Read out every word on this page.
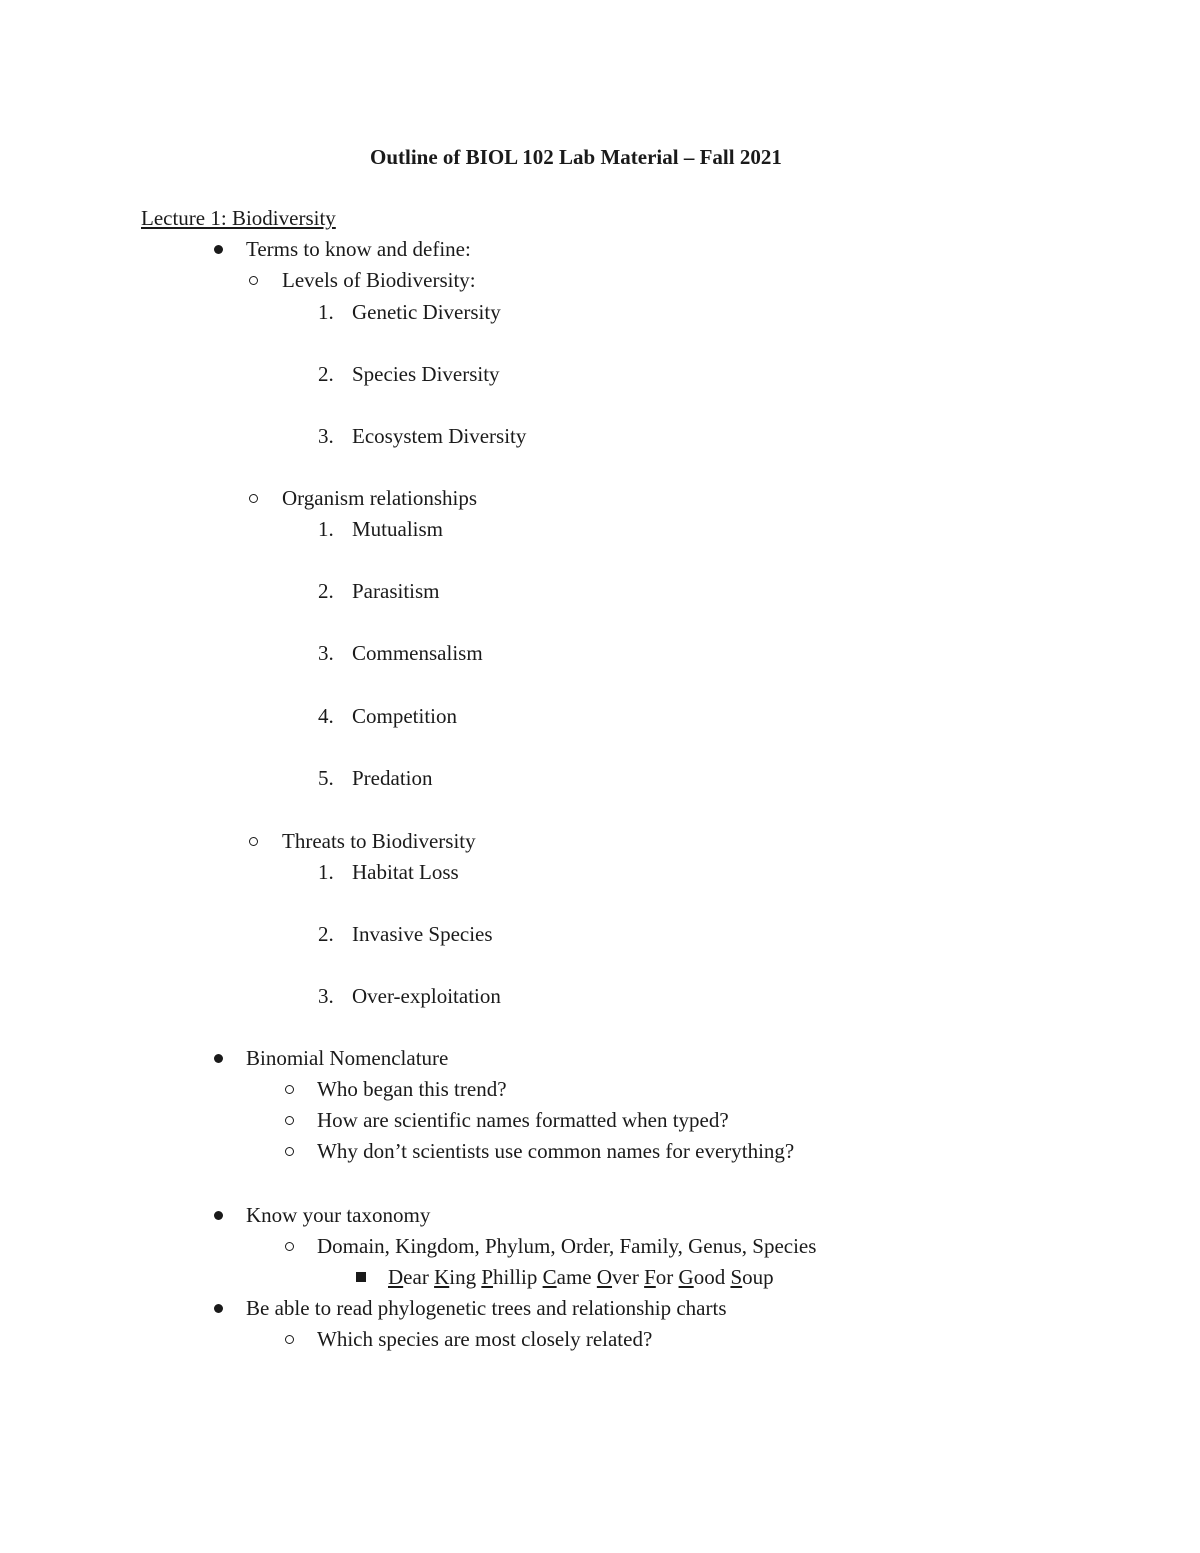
Outline of BIOL 102 Lab Material – Fall 2021
Lecture 1: Biodiversity
Terms to know and define:
Levels of Biodiversity:
1. Genetic Diversity
2. Species Diversity
3. Ecosystem Diversity
Organism relationships
1. Mutualism
2. Parasitism
3. Commensalism
4. Competition
5. Predation
Threats to Biodiversity
1. Habitat Loss
2. Invasive Species
3. Over-exploitation
Binomial Nomenclature
Who began this trend?
How are scientific names formatted when typed?
Why don’t scientists use common names for everything?
Know your taxonomy
Domain, Kingdom, Phylum, Order, Family, Genus, Species
Dear King Phillip Came Over For Good Soup
Be able to read phylogenetic trees and relationship charts
Which species are most closely related?
